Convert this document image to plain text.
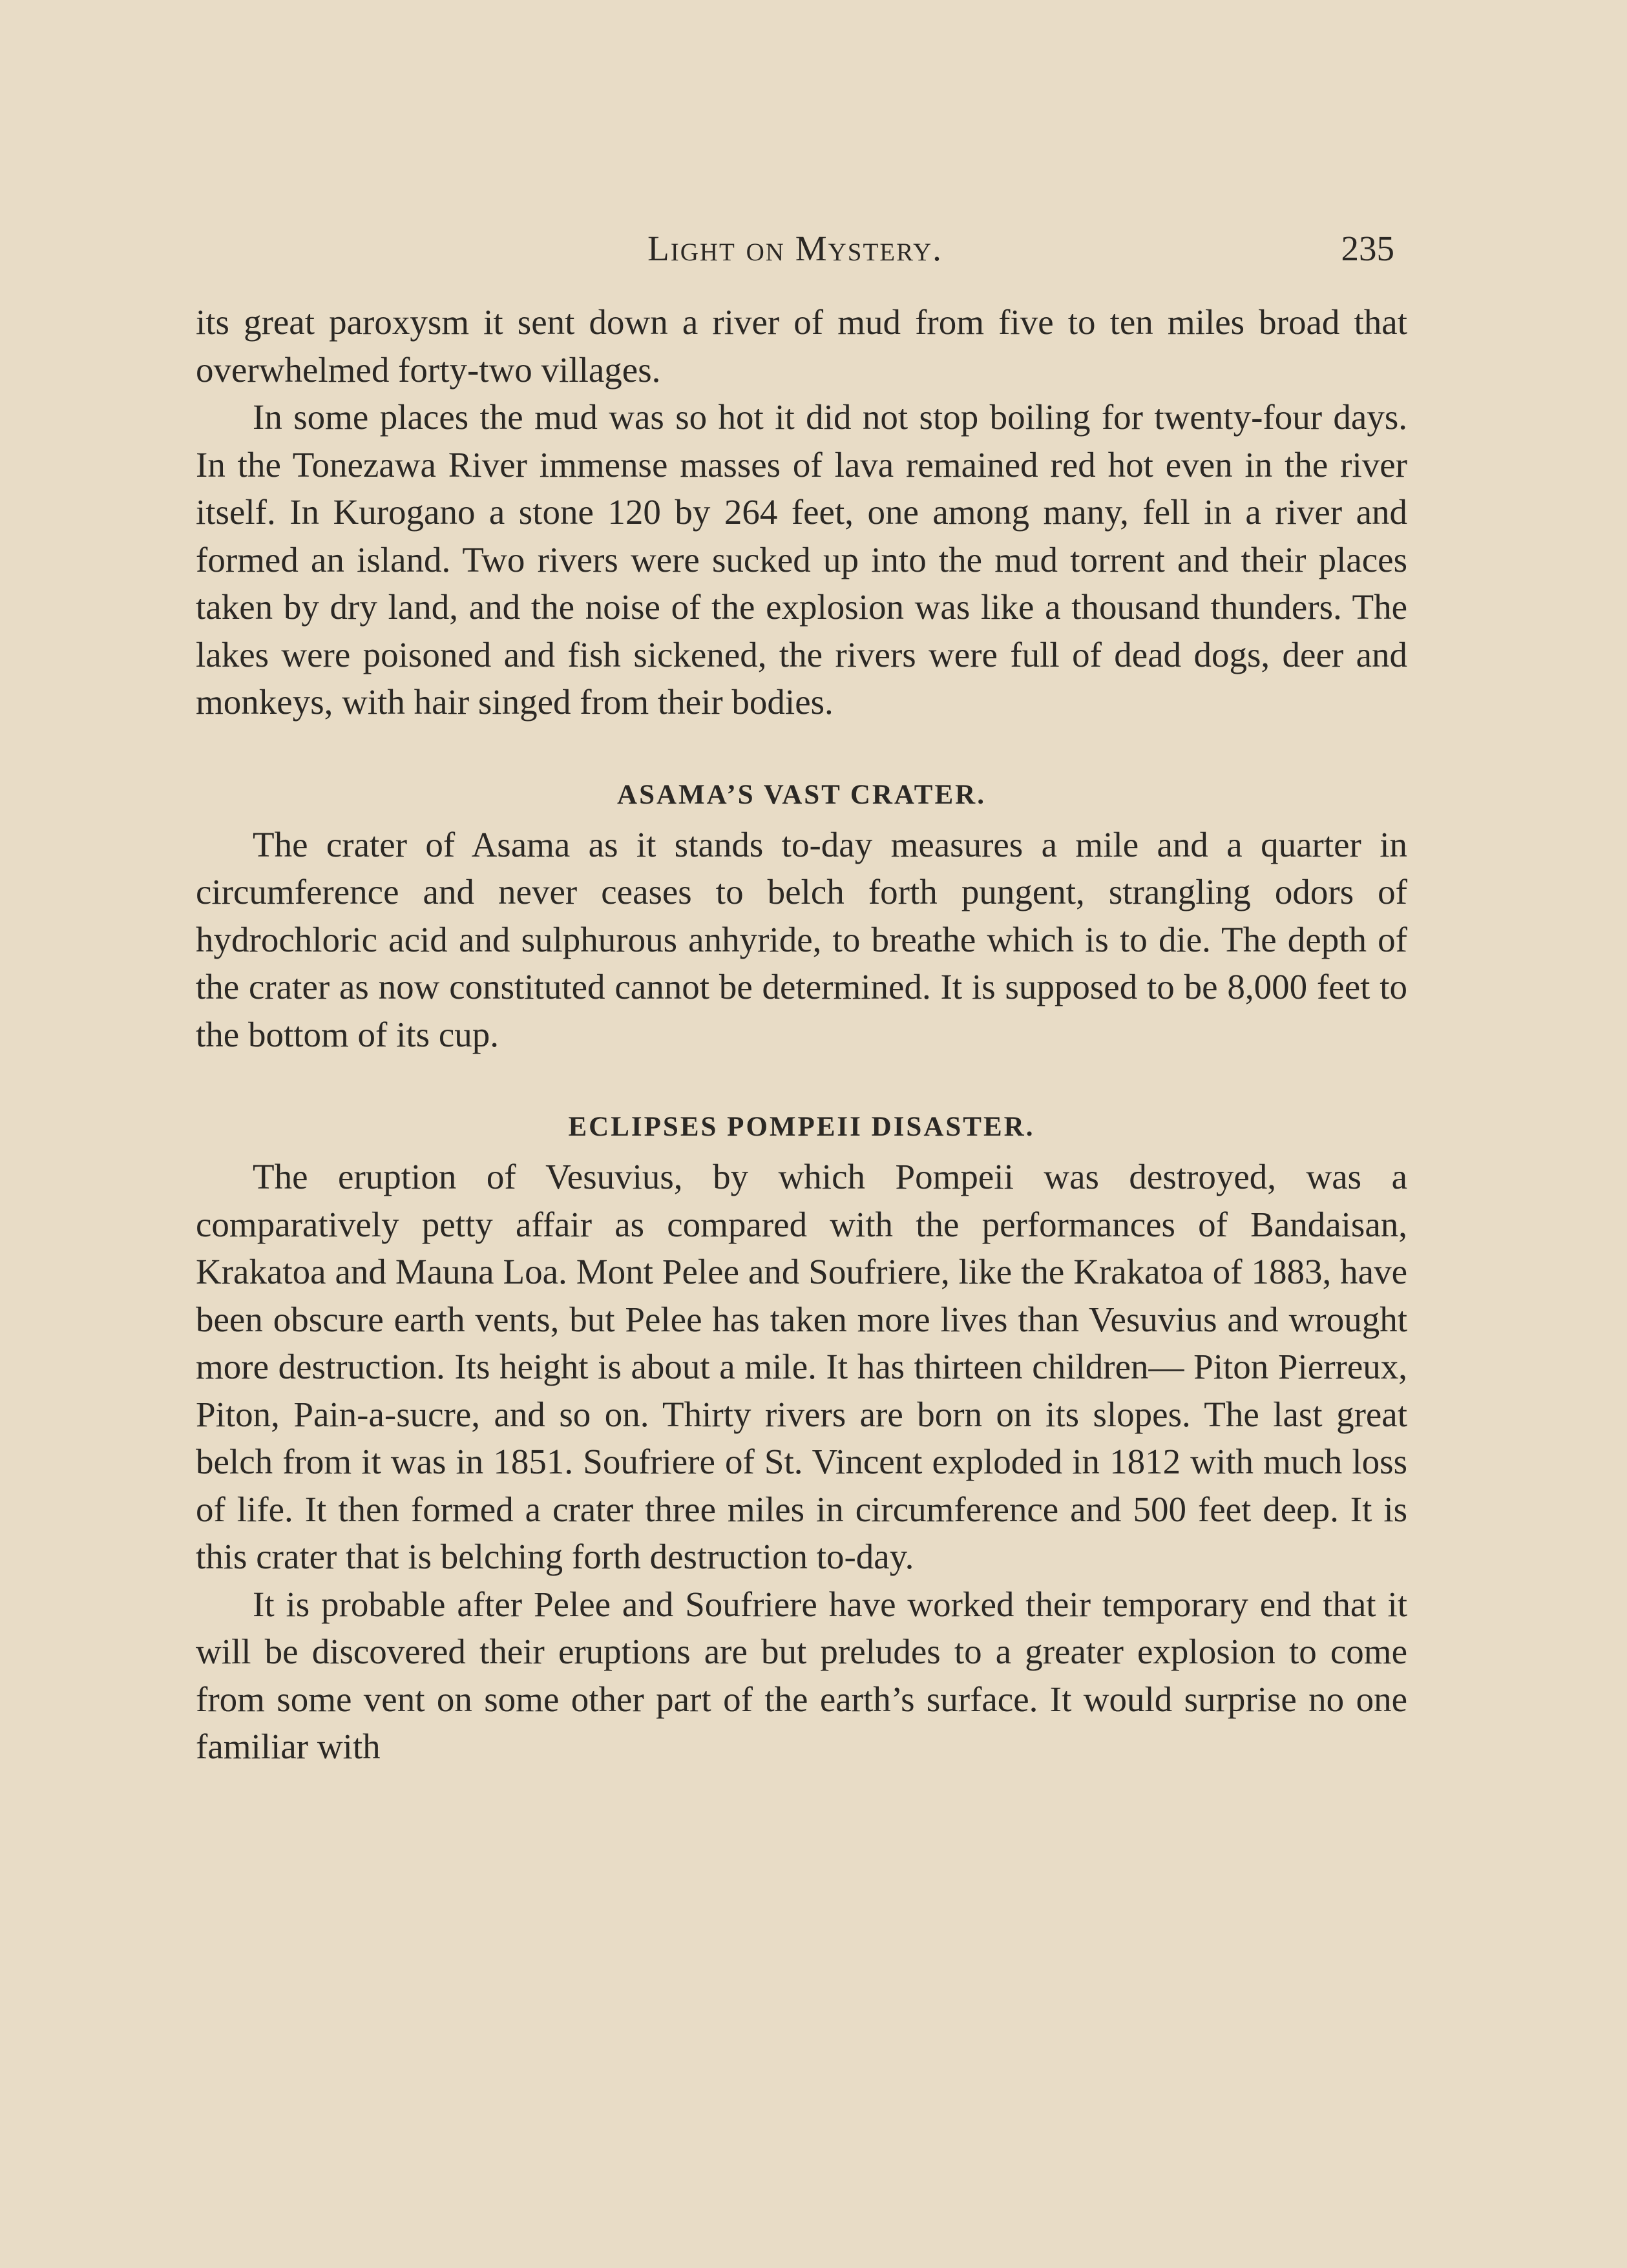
Light on Mystery.	235

its great paroxysm it sent down a river of mud from five to ten miles broad that overwhelmed forty-two villages.

In some places the mud was so hot it did not stop boiling for twenty-four days. In the Tonezawa River immense masses of lava remained red hot even in the river itself. In Kurogano a stone 120 by 264 feet, one among many, fell in a river and formed an island. Two rivers were sucked up into the mud torrent and their places taken by dry land, and the noise of the explosion was like a thousand thunders. The lakes were poisoned and fish sickened, the rivers were full of dead dogs, deer and monkeys, with hair singed from their bodies.

ASAMA’S VAST CRATER.

The crater of Asama as it stands to-day measures a mile and a quarter in circumference and never ceases to belch forth pungent, strangling odors of hydrochloric acid and sulphurous anhyride, to breathe which is to die. The depth of the crater as now constituted cannot be determined. It is supposed to be 8,000 feet to the bottom of its cup.

ECLIPSES POMPEII DISASTER.

The eruption of Vesuvius, by which Pompeii was destroyed, was a comparatively petty affair as compared with the performances of Bandaisan, Krakatoa and Mauna Loa. Mont Pelee and Soufriere, like the Krakatoa of 1883, have been obscure earth vents, but Pelee has taken more lives than Vesuvius and wrought more destruction. Its height is about a mile. It has thirteen children— Piton Pierreux, Piton, Pain-a-sucre, and so on. Thirty rivers are born on its slopes. The last great belch from it was in 1851. Soufriere of St. Vincent exploded in 1812 with much loss of life. It then formed a crater three miles in circumference and 500 feet deep. It is this crater that is belching forth destruction to-day.

It is probable after Pelee and Soufriere have worked their temporary end that it will be discovered their eruptions are but preludes to a greater explosion to come from some vent on some other part of the earth’s surface. It would surprise no one familiar with
